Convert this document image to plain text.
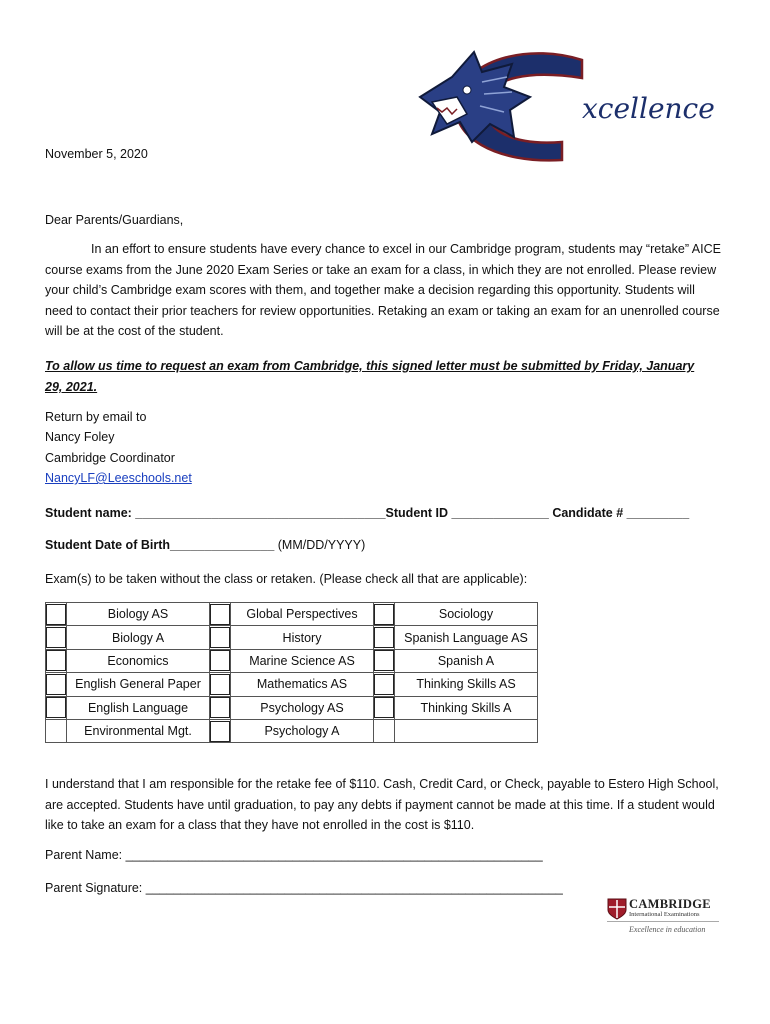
xcellence
November 5, 2020
Dear Parents/Guardians,
In an effort to ensure students have every chance to excel in our Cambridge program, students may “retake” AICE course exams from the June 2020 Exam Series or take an exam for a class, in which they are not enrolled. Please review your child’s Cambridge exam scores with them, and together make a decision regarding this opportunity. Students will need to contact their prior teachers for review opportunities. Retaking an exam or taking an exam for an unenrolled course will be at the cost of the student.
To allow us time to request an exam from Cambridge, this signed letter must be submitted by Friday, January 29, 2021.
Return by email to
Nancy Foley
Cambridge Coordinator
NancyLF@Leeschools.net
Student name: ____________________________________Student ID ______________ Candidate # _________
Student Date of Birth_______________ (MM/DD/YYYY)
Exam(s) to be taken without the class or retaken. (Please check all that are applicable):
	Biology AS		Global Perspectives		Sociology

	Biology A		History		Spanish Language AS

	Economics		Marine Science AS		Spanish A

	English General Paper		Mathematics AS		Thinking Skills AS

	English Language		Psychology AS		Thinking Skills A
	Environmental Mgt.		Psychology A		
I understand that I am responsible for the retake fee of $110. Cash, Credit Card, or Check, payable to Estero High School, are accepted. Students have until graduation, to pay any debts if payment cannot be made at this time. If a student would like to take an exam for a class that they have not enrolled in the cost is $110.
Parent Name: ____________________________________________________________
Parent Signature: ____________________________________________________________
CAMBRIDGE
International Examinations
Excellence in education
